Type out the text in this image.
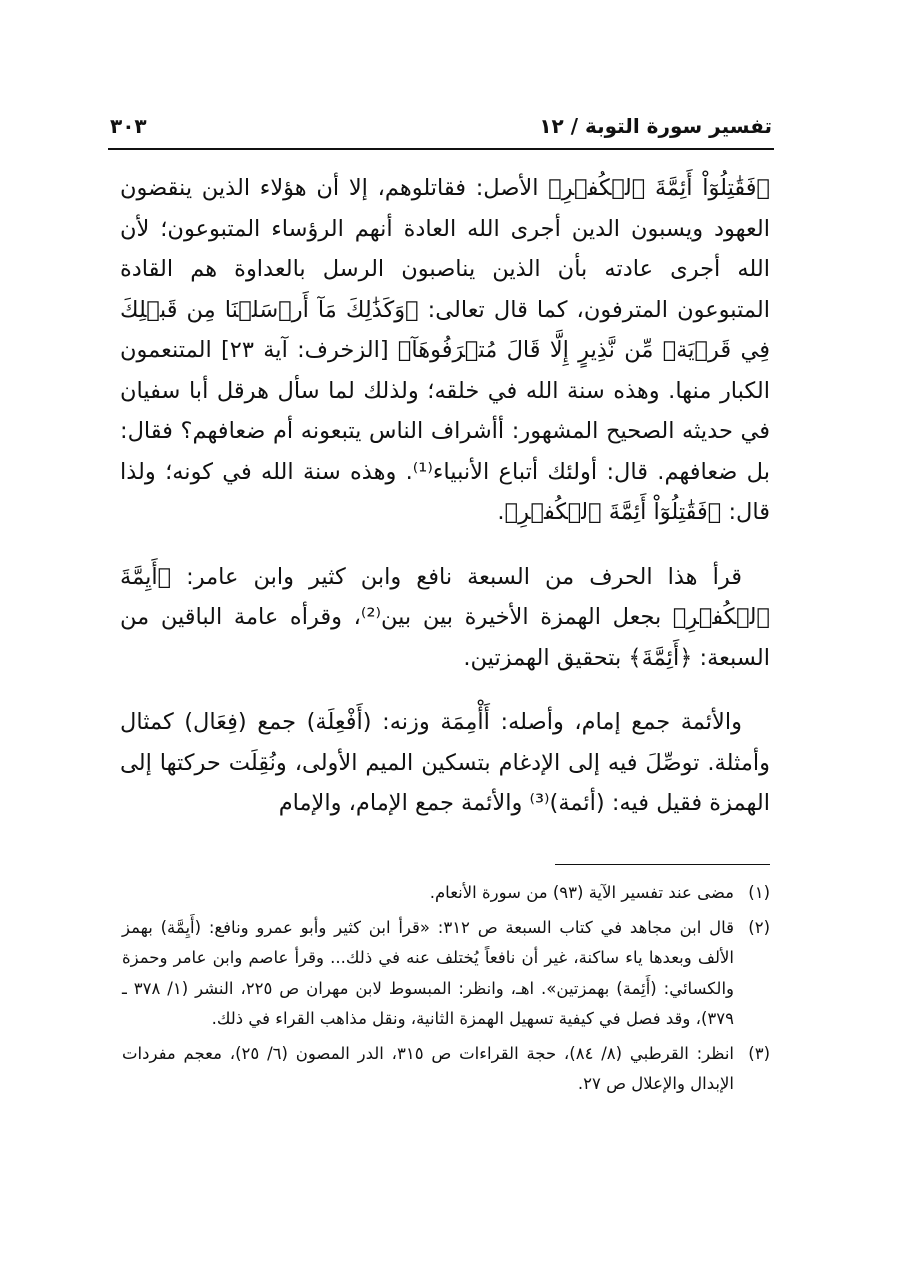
تفسير سورة التوبة / ١٢
٣٠٣

﴿فَقَٰتِلُوٓاْ أَئِمَّةَ ٱلۡكُفۡرِ﴾ الأصل: فقاتلوهم، إلا أن هؤلاء الذين ينقضون العهود ويسبون الدين أجرى الله العادة أنهم الرؤساء المتبوعون؛ لأن الله أجرى عادته بأن الذين يناصبون الرسل بالعداوة هم القادة المتبوعون المترفون، كما قال تعالى: ﴿وَكَذَٰلِكَ مَآ أَرۡسَلۡنَا مِن قَبۡلِكَ فِي قَرۡيَةٖ مِّن نَّذِيرٍ إِلَّا قَالَ مُتۡرَفُوهَآ﴾ [الزخرف: آية ٢٣] المتنعمون الكبار منها. وهذه سنة الله في خلقه؛ ولذلك لما سأل هرقل أبا سفيان في حديثه الصحيح المشهور: أأشراف الناس يتبعونه أم ضعافهم؟ فقال: بل ضعافهم. قال: أولئك أتباع الأنبياء⁽¹⁾. وهذه سنة الله في كونه؛ ولذا قال: ﴿فَقَٰتِلُوٓاْ أَئِمَّةَ ٱلۡكُفۡرِ﴾.

قرأ هذا الحرف من السبعة نافع وابن كثير وابن عامر: ﴿أَيِمَّةَ ٱلۡكُفۡرِ﴾ بجعل الهمزة الأخيرة بين بين⁽²⁾، وقرأه عامة الباقين من السبعة: ﴿أَئِمَّةَ﴾ بتحقيق الهمزتين.

والأئمة جمع إمام، وأصله: أَأْمِمَة وزنه: (أَفْعِلَة) جمع (فِعَال) كمثال وأمثلة. توصِّلَ فيه إلى الإدغام بتسكين الميم الأولى، ونُقِلَت حركتها إلى الهمزة فقيل فيه: (أئمة)⁽³⁾ والأئمة جمع الإمام، والإمام

(١)
مضى عند تفسير الآية (٩٣) من سورة الأنعام.
(٢)
قال ابن مجاهد في كتاب السبعة ص ٣١٢: «قرأ ابن كثير وأبو عمرو ونافع: (أَيِمَّة) بهمز الألف وبعدها ياء ساكنة، غير أن نافعاً يُختلف عنه في ذلك... وقرأ عاصم وابن عامر وحمزة والكسائي: (أَئِمة) بهمزتين». اهـ، وانظر: المبسوط لابن مهران ص ٢٢٥، النشر (١/ ٣٧٨ ـ ٣٧٩)، وقد فصل في كيفية تسهيل الهمزة الثانية، ونقل مذاهب القراء في ذلك.
(٣)
انظر: القرطبي (٨/ ٨٤)، حجة القراءات ص ٣١٥، الدر المصون (٦/ ٢٥)، معجم مفردات الإبدال والإعلال ص ٢٧.
